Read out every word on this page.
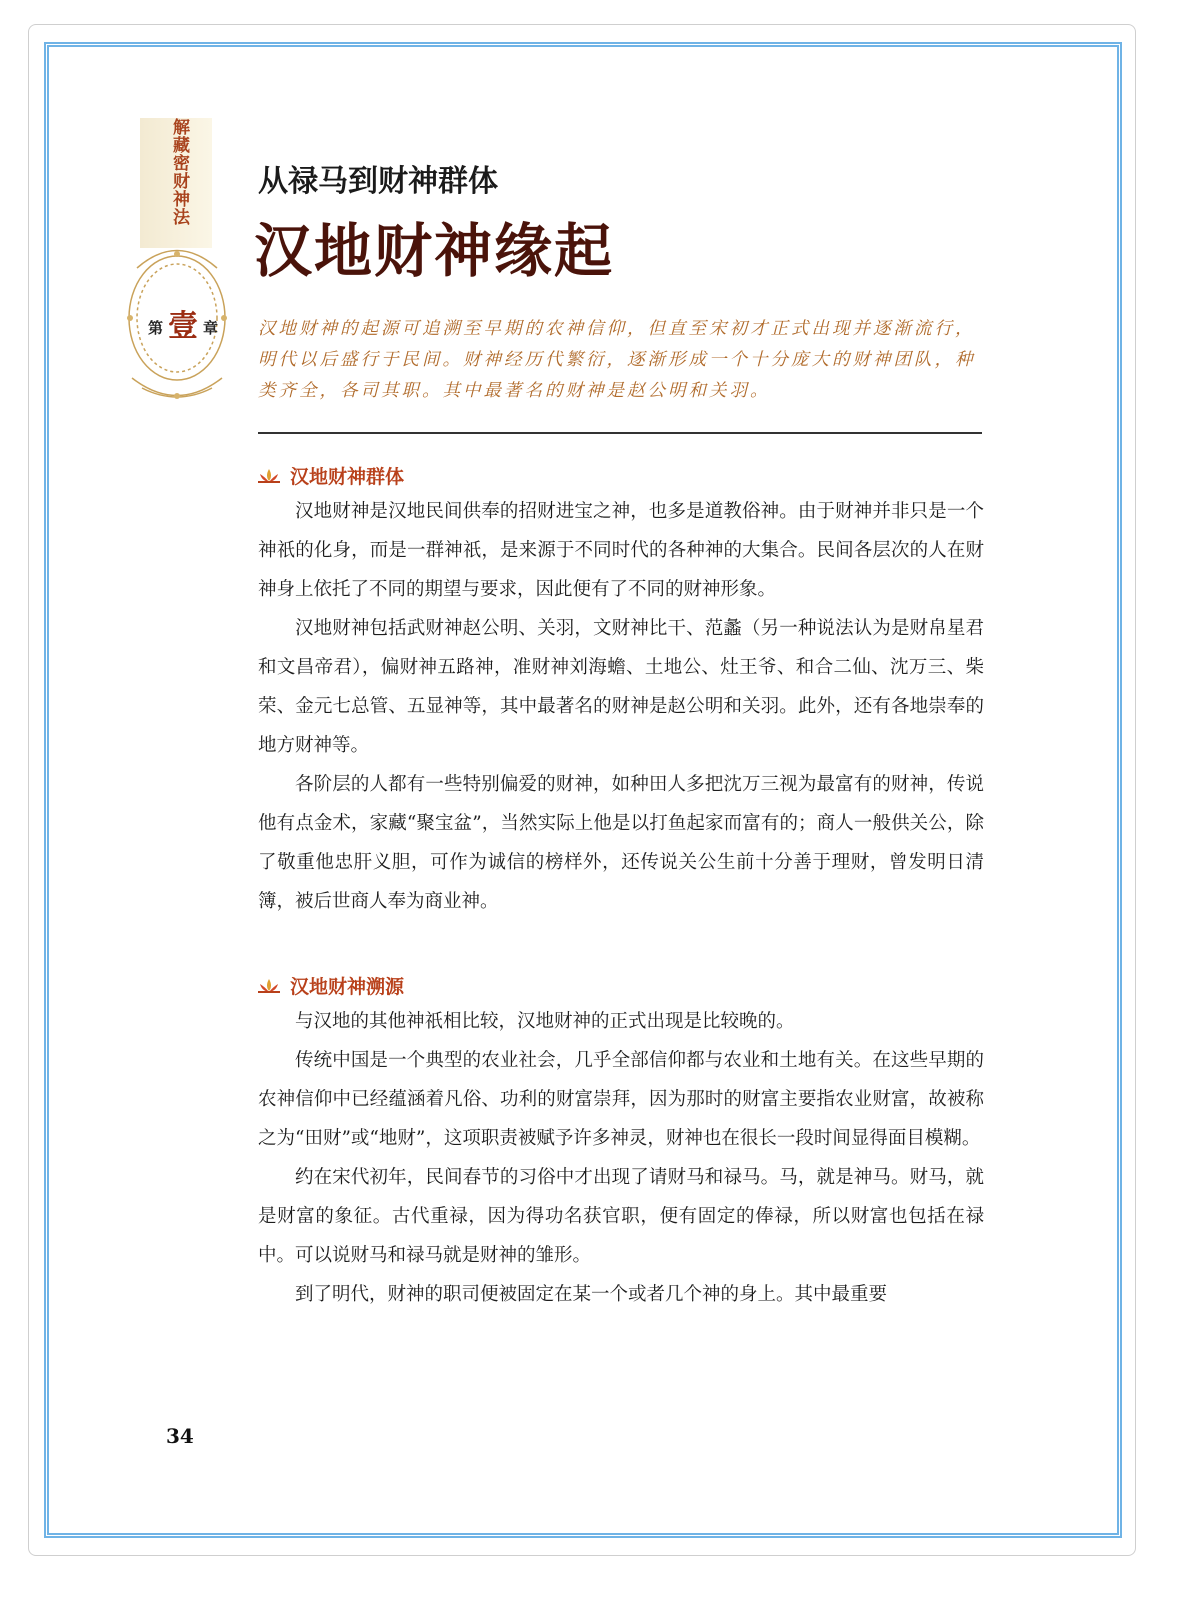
解藏密财神法
第 壹 章
从禄马到财神群体
汉地财神缘起
汉地财神的起源可追溯至早期的农神信仰，但直至宋初才正式出现并逐渐流行，明代以后盛行于民间。财神经历代繁衍，逐渐形成一个十分庞大的财神团队，种类齐全，各司其职。其中最著名的财神是赵公明和关羽。
汉地财神群体

汉地财神是汉地民间供奉的招财进宝之神，也多是道教俗神。由于财神并非只是一个神祇的化身，而是一群神祇，是来源于不同时代的各种神的大集合。民间各层次的人在财神身上依托了不同的期望与要求，因此便有了不同的财神形象。

汉地财神包括武财神赵公明、关羽，文财神比干、范蠡（另一种说法认为是财帛星君和文昌帝君），偏财神五路神，准财神刘海蟾、土地公、灶王爷、和合二仙、沈万三、柴荣、金元七总管、五显神等，其中最著名的财神是赵公明和关羽。此外，还有各地崇奉的地方财神等。

各阶层的人都有一些特别偏爱的财神，如种田人多把沈万三视为最富有的财神，传说他有点金术，家藏“聚宝盆”，当然实际上他是以打鱼起家而富有的；商人一般供关公，除了敬重他忠肝义胆，可作为诚信的榜样外，还传说关公生前十分善于理财，曾发明日清簿，被后世商人奉为商业神。

汉地财神溯源

与汉地的其他神祇相比较，汉地财神的正式出现是比较晚的。

传统中国是一个典型的农业社会，几乎全部信仰都与农业和土地有关。在这些早期的农神信仰中已经蕴涵着凡俗、功利的财富崇拜，因为那时的财富主要指农业财富，故被称之为“田财”或“地财”，这项职责被赋予许多神灵，财神也在很长一段时间显得面目模糊。

约在宋代初年，民间春节的习俗中才出现了请财马和禄马。马，就是神马。财马，就是财富的象征。古代重禄，因为得功名获官职，便有固定的俸禄，所以财富也包括在禄中。可以说财马和禄马就是财神的雏形。

到了明代，财神的职司便被固定在某一个或者几个神的身上。其中最重要

34
